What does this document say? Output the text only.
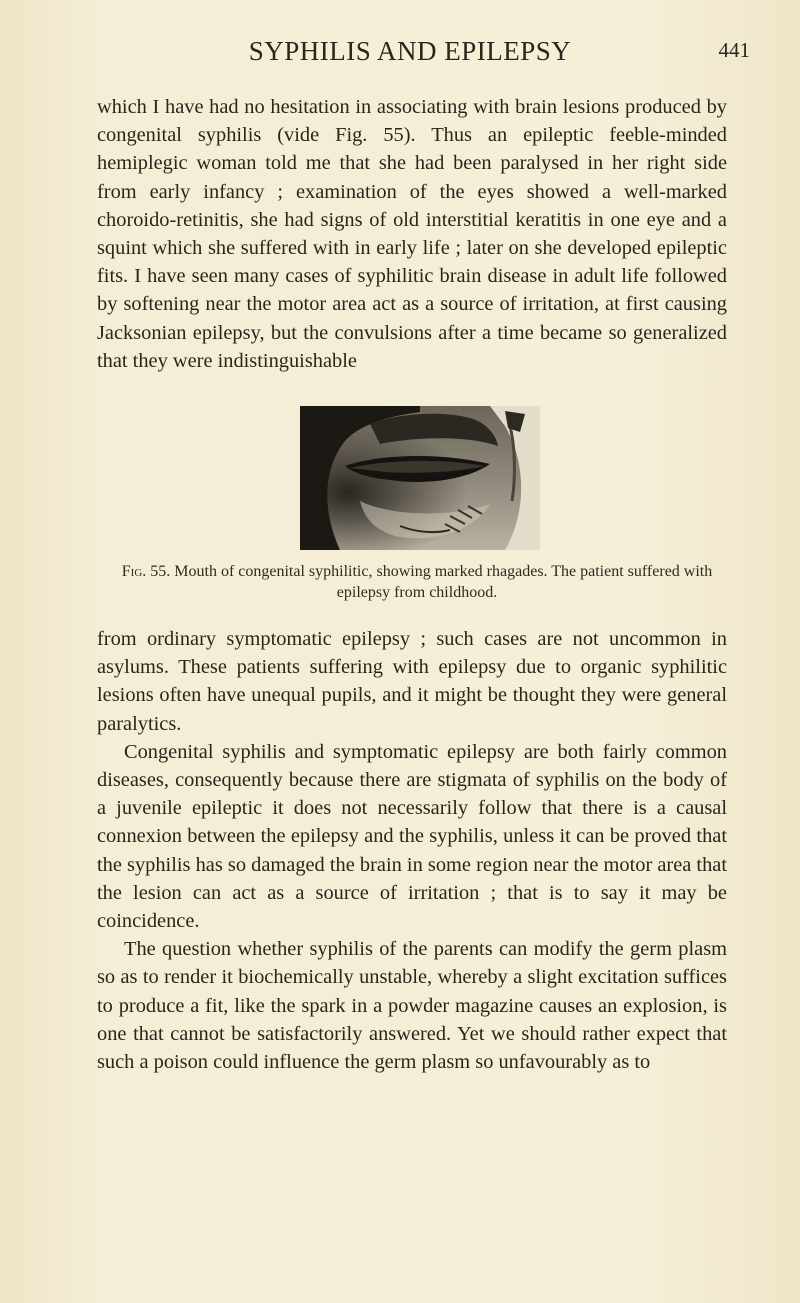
SYPHILIS AND EPILEPSY	441

which I have had no hesitation in associating with brain lesions produced by congenital syphilis (vide Fig. 55). Thus an epileptic feeble-minded hemiplegic woman told me that she had been paralysed in her right side from early infancy ; examination of the eyes showed a well-marked choroido-retinitis, she had signs of old interstitial keratitis in one eye and a squint which she suffered with in early life ; later on she developed epileptic fits. I have seen many cases of syphilitic brain disease in adult life followed by softening near the motor area act as a source of irritation, at first causing Jacksonian epilepsy, but the convulsions after a time became so generalized that they were indistinguishable

Fig. 55. Mouth of congenital syphilitic, showing marked rhagades. The patient suffered with epilepsy from childhood.

from ordinary symptomatic epilepsy ; such cases are not uncommon in asylums. These patients suffering with epilepsy due to organic syphilitic lesions often have unequal pupils, and it might be thought they were general paralytics.

Congenital syphilis and symptomatic epilepsy are both fairly common diseases, consequently because there are stigmata of syphilis on the body of a juvenile epileptic it does not necessarily follow that there is a causal connexion between the epilepsy and the syphilis, unless it can be proved that the syphilis has so damaged the brain in some region near the motor area that the lesion can act as a source of irritation ; that is to say it may be coincidence.

The question whether syphilis of the parents can modify the germ plasm so as to render it biochemically unstable, whereby a slight excitation suffices to produce a fit, like the spark in a powder magazine causes an explosion, is one that cannot be satisfactorily answered. Yet we should rather expect that such a poison could influence the germ plasm so unfavourably as to
